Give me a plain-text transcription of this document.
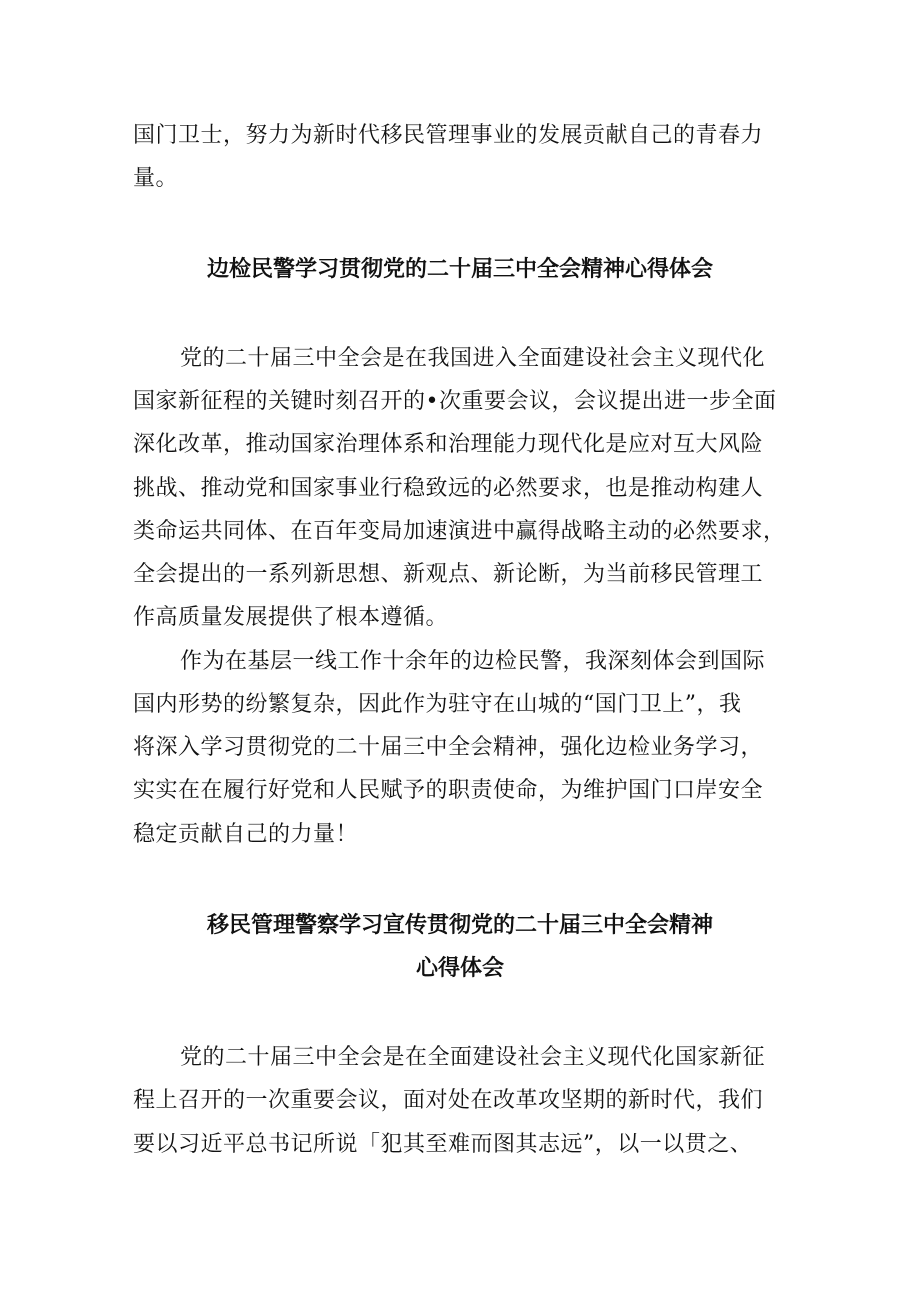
国门卫士，努力为新时代移民管理事业的发展贡献自己的青春力
量。
边检民警学习贯彻党的二十届三中全会精神心得体会
党的二十届三中全会是在我国进入全面建设社会主义现代化
国家新征程的关键时刻召开的•次重要会议，会议提出进一步全面
深化改革，推动国家治理体系和治理能力现代化是应对互大风险
挑战、推动党和国家事业行稳致远的必然要求，也是推动构建人
类命运共同体、在百年变局加速演进中赢得战略主动的必然要求，
全会提出的一系列新思想、新观点、新论断，为当前移民管理工
作高质量发展提供了根本遵循。
作为在基层一线工作十余年的边检民警，我深刻体会到国际
国内形势的纷繁复杂，因此作为驻守在山城的“国门卫上”，我
将深入学习贯彻党的二十届三中全会精神，强化边检业务学习，
实实在在履行好党和人民赋予的职责使命，为维护国门口岸安全
稳定贡献自己的力量！
移民管理警察学习宣传贯彻党的二十届三中全会精神
心得体会
党的二十届三中全会是在全面建设社会主义现代化国家新征
程上召开的一次重要会议，面对处在改革攻坚期的新时代，我们
要以习近平总书记所说「犯其至难而图其志远”，以一以贯之、
